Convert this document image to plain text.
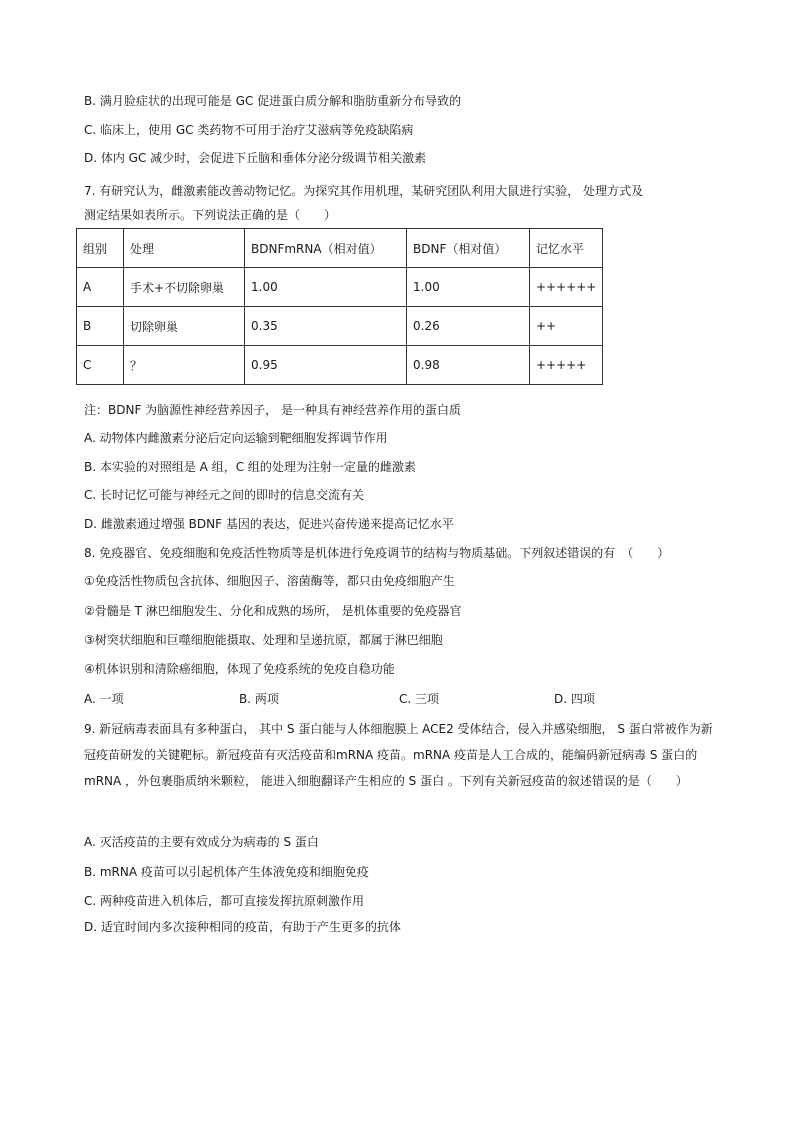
B. 满月脸症状的出现可能是 GC 促进蛋白质分解和脂肪重新分布导致的
C. 临床上，使用 GC 类药物不可用于治疗艾滋病等免疫缺陷病
D. 体内 GC 减少时，会促进下丘脑和垂体分泌分级调节相关激素
7. 有研究认为，雌激素能改善动物记忆。为探究其作用机理，某研究团队利用大鼠进行实验， 处理方式及
测定结果如表所示。下列说法正确的是（　　）
组别	处理	BDNFmRNA（相对值）	BDNF（相对值）	记忆水平
A	手术+不切除卵巢	1.00	1.00	++++++
B	切除卵巢	0.35	0.26	++
C	？	0.95	0.98	+++++
注：BDNF 为脑源性神经营养因子， 是一种具有神经营养作用的蛋白质
A. 动物体内雌激素分泌后定向运输到靶细胞发挥调节作用
B. 本实验的对照组是 A 组，C 组的处理为注射一定量的雌激素
C. 长时记忆可能与神经元之间的即时的信息交流有关
D. 雌激素通过增强 BDNF 基因的表达，促进兴奋传递来提高记忆水平
8. 免疫器官、免疫细胞和免疫活性物质等是机体进行免疫调节的结构与物质基础。下列叙述错误的有　（　　）
①免疫活性物质包含抗体、细胞因子、溶菌酶等，都只由免疫细胞产生
②骨髓是 T 淋巴细胞发生、分化和成熟的场所， 是机体重要的免疫器官
③树突状细胞和巨噬细胞能摄取、处理和呈递抗原，都属于淋巴细胞
④机体识别和清除癌细胞，体现了免疫系统的免疫自稳功能
A. 一项	B. 两项	C. 三项	D. 四项
9. 新冠病毒表面具有多种蛋白， 其中 S 蛋白能与人体细胞膜上 ACE2 受体结合，侵入并感染细胞， S 蛋白常被作为新冠疫苗研发的关键靶标。新冠疫苗有灭活疫苗和mRNA 疫苗。mRNA 疫苗是人工合成的，能编码新冠病毒 S 蛋白的 mRNA ，外包裹脂质纳米颗粒， 能进入细胞翻译产生相应的 S 蛋白 。下列有关新冠疫苗的叙述错误的是（　　）
A. 灭活疫苗的主要有效成分为病毒的 S 蛋白
B. mRNA 疫苗可以引起机体产生体液免疫和细胞免疫
C. 两种疫苗进入机体后，都可直接发挥抗原刺激作用
D. 适宜时间内多次接种相同的疫苗，有助于产生更多的抗体
